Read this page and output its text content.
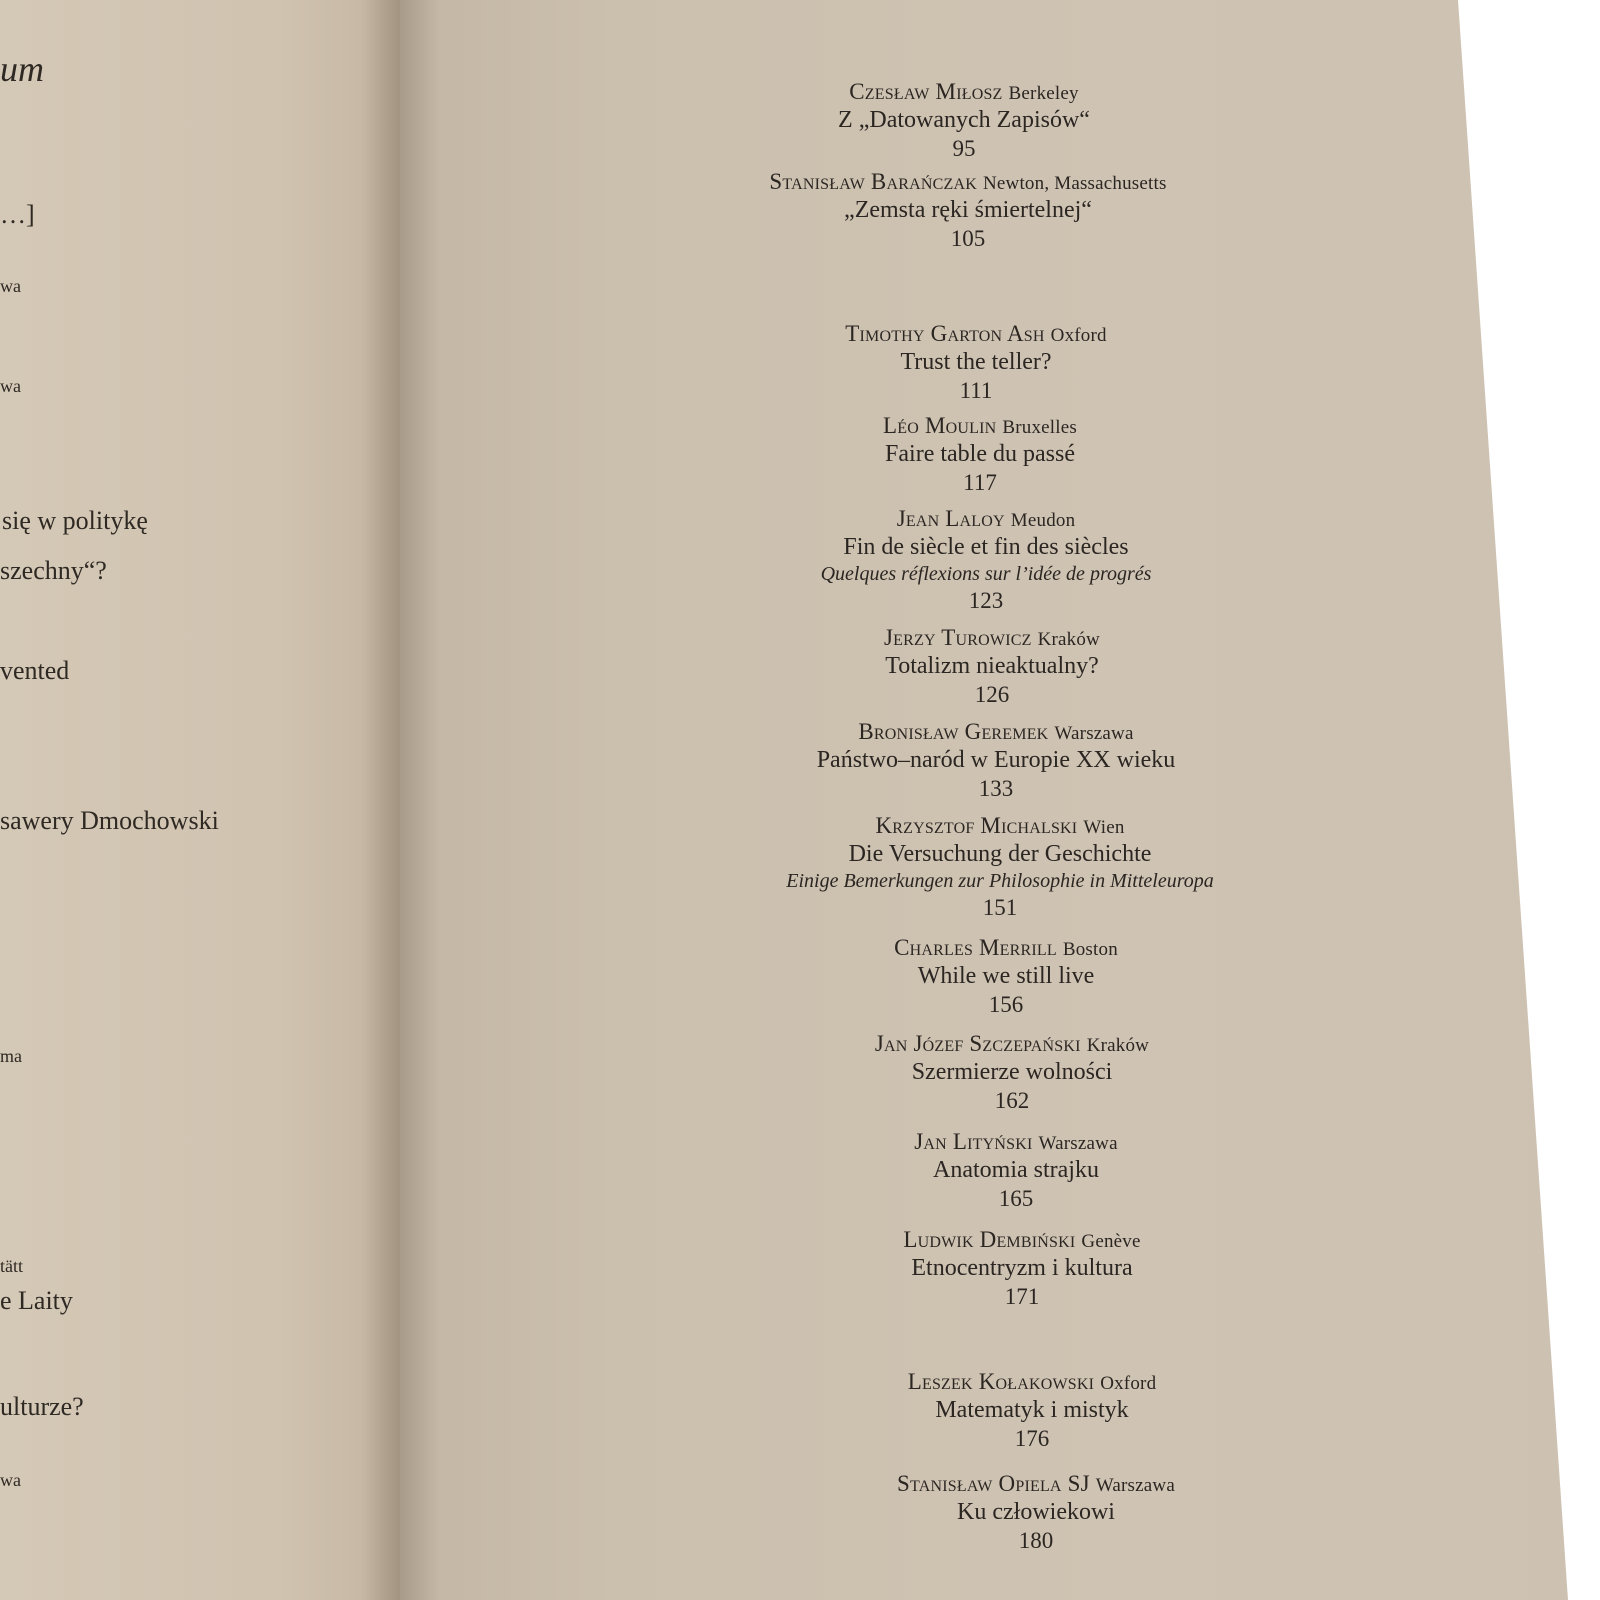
um
…]
wa
wa
się w politykę
szechny“?
vented
sawery Dmochowski
ma
tätt
e Laity
ulturze?
wa
Czesław Miłosz Berkeley
Z „Datowanych Zapisów“
95
Stanisław Barańczak Newton, Massachusetts
„Zemsta ręki śmiertelnej“
105
Timothy Garton Ash Oxford
Trust the teller?
111
Léo Moulin Bruxelles
Faire table du passé
117
Jean Laloy Meudon
Fin de siècle et fin des siècles
Quelques réflexions sur l’idée de progrés
123
Jerzy Turowicz Kraków
Totalizm nieaktualny?
126
Bronisław Geremek Warszawa
Państwo–naród w Europie XX wieku
133
Krzysztof Michalski Wien
Die Versuchung der Geschichte
Einige Bemerkungen zur Philosophie in Mitteleuropa
151
Charles Merrill Boston
While we still live
156
Jan Józef Szczepański Kraków
Szermierze wolności
162
Jan Lityński Warszawa
Anatomia strajku
165
Ludwik Dembiński Genève
Etnocentryzm i kultura
171
Leszek Kołakowski Oxford
Matematyk i mistyk
176
Stanisław Opiela SJ Warszawa
Ku człowiekowi
180
